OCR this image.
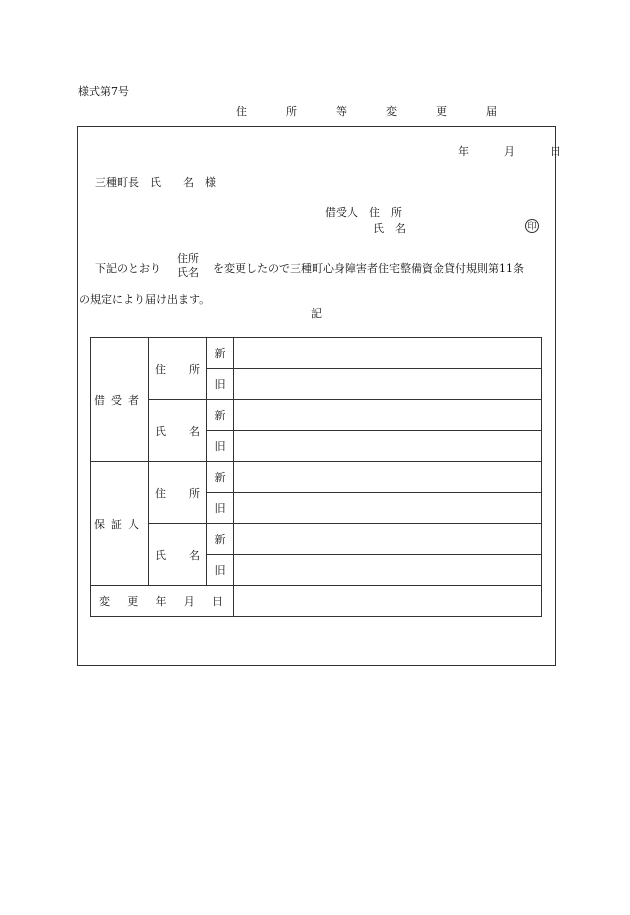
様式第7号
住　所　等　変　更　届
年	月	日
三種町長　氏　　名　様
借受人　住　所
氏　名	印
下記のとおり
住所
氏名 を変更したので三種町心身障害者住宅整備資金貸付規則第11条
の規定により届け出ます。
記
借受者	住 所	新	
		旧	

	氏 名	新	
		旧	
保証人	住 所	新	
		旧	

	氏 名	新	
		旧	

変 更 年 月 日			
